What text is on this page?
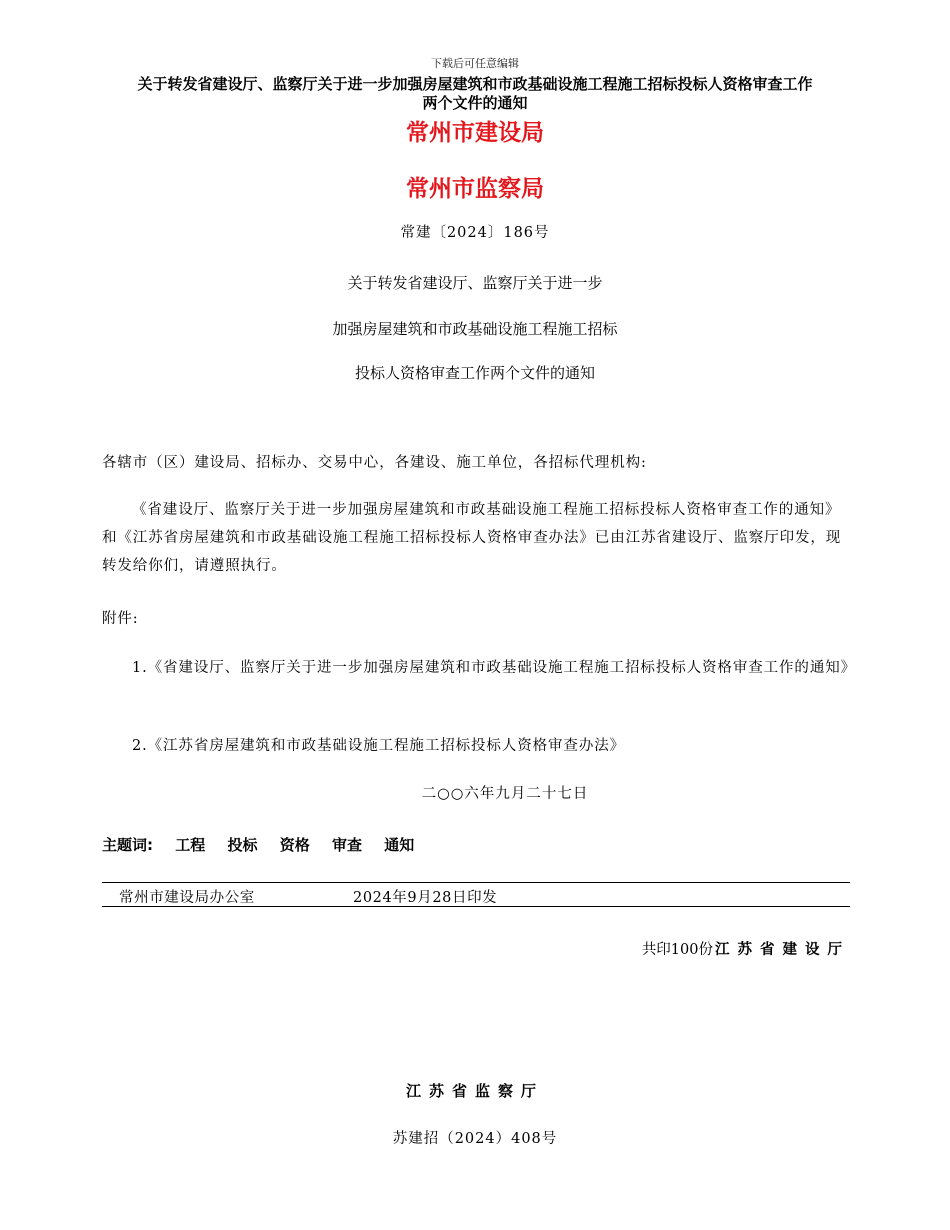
下载后可任意编辑
关于转发省建设厅、监察厅关于进一步加强房屋建筑和市政基础设施工程施工招标投标人资格审查工作
两个文件的通知
常州市建设局
常州市监察局
常建〔2024〕186号
关于转发省建设厅、监察厅关于进一步
加强房屋建筑和市政基础设施工程施工招标
投标人资格审查工作两个文件的通知
各辖市（区）建设局、招标办、交易中心，各建设、施工单位，各招标代理机构:
《省建设厅、监察厅关于进一步加强房屋建筑和市政基础设施工程施工招标投标人资格审查工作的通知》和《江苏省房屋建筑和市政基础设施工程施工招标投标人资格审查办法》已由江苏省建设厅、监察厅印发，现转发给你们，请遵照执行。
附件:
1.《省建设厅、监察厅关于进一步加强房屋建筑和市政基础设施工程施工招标投标人资格审查工作的通知》
2.《江苏省房屋建筑和市政基础设施工程施工招标投标人资格审查办法》
二○○六年九月二十七日
主题词: 工程 投标 资格 审查 通知
常州市建设局办公室	2024年9月28日印发
共印100份 江苏省建设厅
江苏省监察厅
苏建招（2024）408号
